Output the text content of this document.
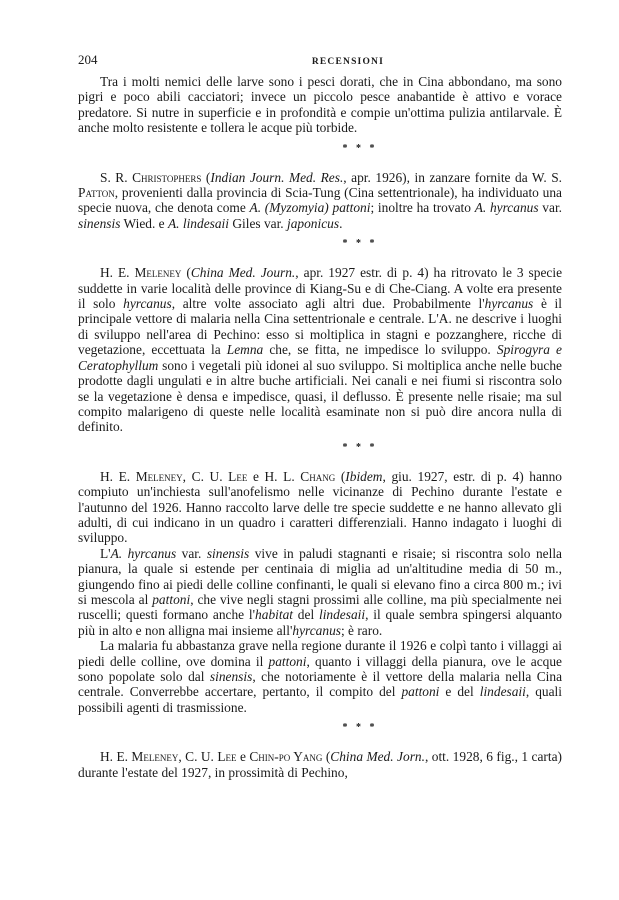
204	RECENSIONI

Tra i molti nemici delle larve sono i pesci dorati, che in Cina abbondano, ma sono pigri e poco abili cacciatori; invece un piccolo pesce anabantide è attivo e vorace predatore. Si nutre in superficie e in profondità e compie un'ottima pulizia antilarvale. È anche molto resistente e tollera le acque più torbide.

* * *

S. R. Christophers (Indian Journ. Med. Res., apr. 1926), in zanzare fornite da W. S. Patton, provenienti dalla provincia di Scia-Tung (Cina settentrionale), ha individuato una specie nuova, che denota come A. (Myzomyia) pattoni; inoltre ha trovato A. hyrcanus var. sinensis Wied. e A. lindesaii Giles var. japonicus.

* * *

H. E. Meleney (China Med. Journ., apr. 1927 estr. di p. 4) ha ritrovato le 3 specie suddette in varie località delle province di Kiang-Su e di Che-Ciang. A volte era presente il solo hyrcanus, altre volte associato agli altri due. Probabilmente l'hyrcanus è il principale vettore di malaria nella Cina settentrionale e centrale. L'A. ne descrive i luoghi di sviluppo nell'area di Pechino: esso si moltiplica in stagni e pozzanghere, ricche di vegetazione, eccettuata la Lemna che, se fitta, ne impedisce lo sviluppo. Spirogyra e Ceratophyllum sono i vegetali più idonei al suo sviluppo. Si moltiplica anche nelle buche prodotte dagli ungulati e in altre buche artificiali. Nei canali e nei fiumi si riscontra solo se la vegetazione è densa e impedisce, quasi, il deflusso. È presente nelle risaie; ma sul compito malarigeno di queste nelle località esaminate non si può dire ancora nulla di definito.

* * *

H. E. Meleney, C. U. Lee e H. L. Chang (Ibidem, giu. 1927, estr. di p. 4) hanno compiuto un'inchiesta sull'anofelismo nelle vicinanze di Pechino durante l'estate e l'autunno del 1926. Hanno raccolto larve delle tre specie suddette e ne hanno allevato gli adulti, di cui indicano in un quadro i caratteri differenziali. Hanno indagato i luoghi di sviluppo.

L'A. hyrcanus var. sinensis vive in paludi stagnanti e risaie; si riscontra solo nella pianura, la quale si estende per centinaia di miglia ad un'altitudine media di 50 m., giungendo fino ai piedi delle colline confinanti, le quali si elevano fino a circa 800 m.; ivi si mescola al pattoni, che vive negli stagni prossimi alle colline, ma più specialmente nei ruscelli; questi formano anche l'habitat del lindesaii, il quale sembra spingersi alquanto più in alto e non alligna mai insieme all'hyrcanus; è raro.

La malaria fu abbastanza grave nella regione durante il 1926 e colpì tanto i villaggi ai piedi delle colline, ove domina il pattoni, quanto i villaggi della pianura, ove le acque sono popolate solo dal sinensis, che notoriamente è il vettore della malaria nella Cina centrale. Converrebbe accertare, pertanto, il compito del pattoni e del lindesaii, quali possibili agenti di trasmissione.

* * *

H. E. Meleney, C. U. Lee e Chin-po Yang (China Med. Jorn., ott. 1928, 6 fig., 1 carta) durante l'estate del 1927, in prossimità di Pechino,
